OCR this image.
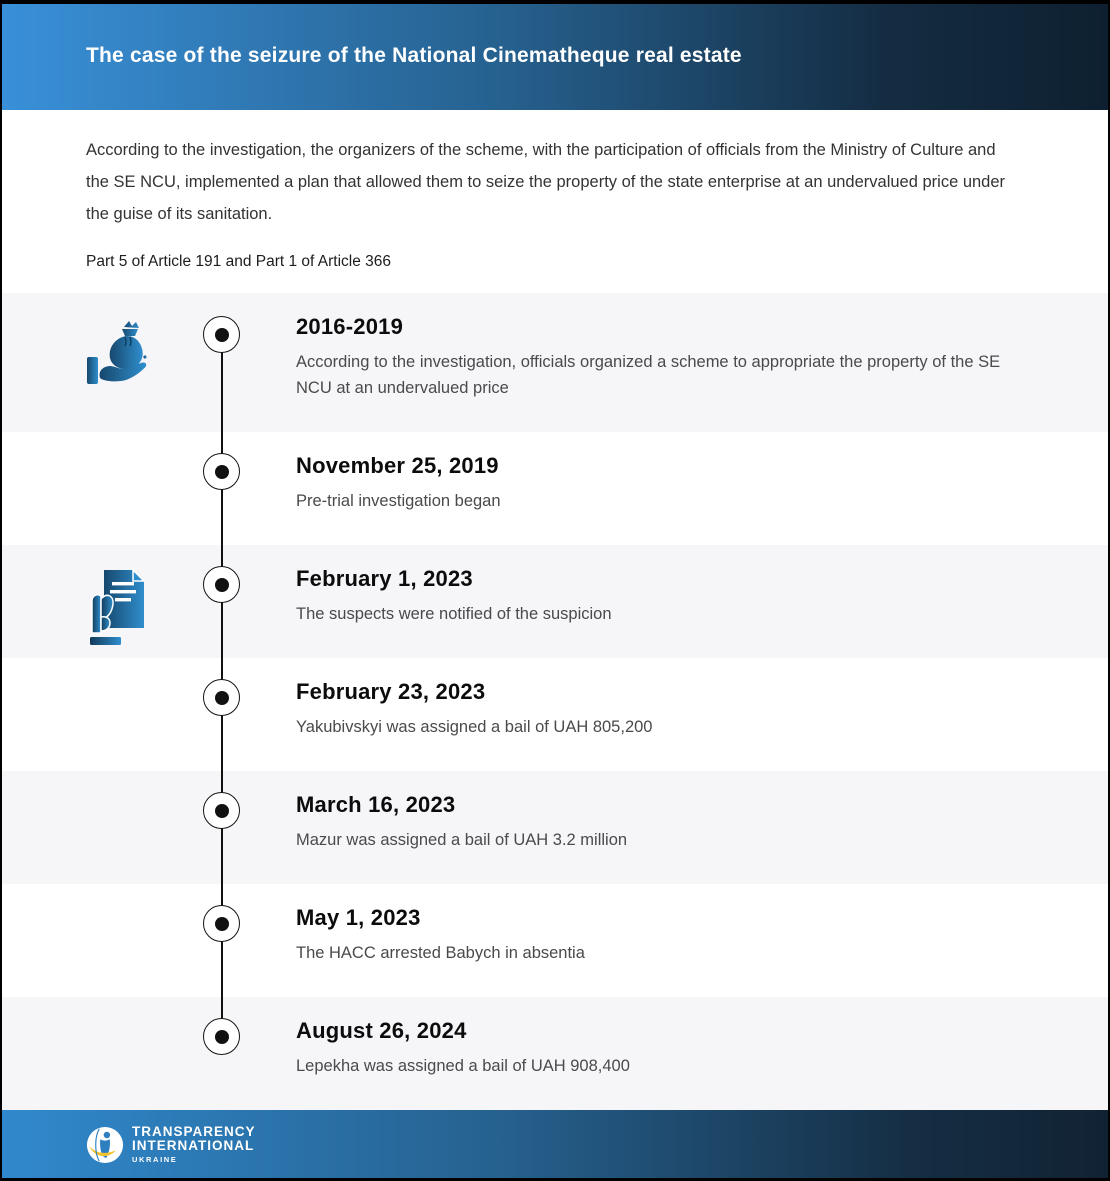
The case of the seizure of the National Cinematheque real estate

According to the investigation, the organizers of the scheme, with the participation of officials from the Ministry of Culture and the SE NCU, implemented a plan that allowed them to seize the property of the state enterprise at an undervalued price under the guise of its sanitation.

Part 5 of Article 191 and Part 1 of Article 366

2016-2019
According to the investigation, officials organized a scheme to appropriate the property of the SE NCU at an undervalued price
November 25, 2019
Pre-trial investigation began
February 1, 2023
The suspects were notified of the suspicion
February 23, 2023
Yakubivskyi was assigned a bail of UAH 805,200
March 16, 2023
Mazur was assigned a bail of UAH 3.2 million
May 1, 2023
The HACC arrested Babych in absentia
August 26, 2024
Lepekha was assigned a bail of UAH 908,400
TRANSPARENCY
INTERNATIONAL
UKRAINE
